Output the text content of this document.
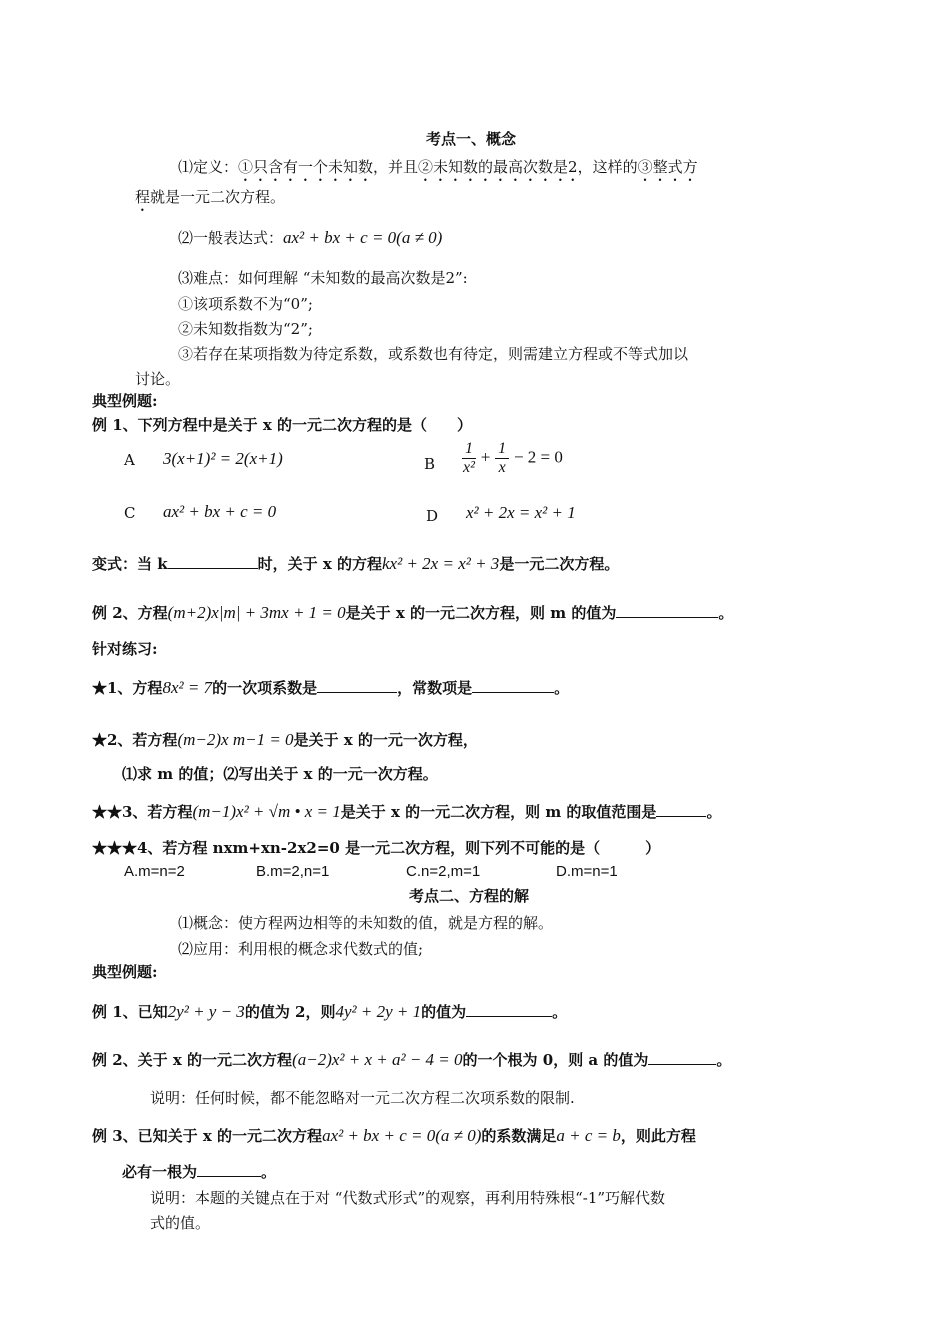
考点一、概念
⑴定义：①只含有一个未知数，并且②未知数的最高次数是2，这样的③整式方
程就是一元二次方程。
⑵一般表达式：ax² + bx + c = 0(a ≠ 0)
⑶难点：如何理解 “未知数的最高次数是2”:
①该项系数不为“0”;
②未知数指数为“2”;
③若存在某项指数为待定系数，或系数也有待定，则需建立方程或不等式加以
讨论。
典型例题:
例 1、下列方程中是关于 x 的一元二次方程的是（　　）
A 3(x+1)² = 2(x+1)	B $\frac{1}{\text{x²}} + \frac{1}{x} - 2 = 0$
C ax² + bx + c = 0	D x² + 2x = x² + 1
变式：当 k	时，关于 x 的方程kx² + 2x = x² + 3是一元二次方程。
例 2、方程(m+2)x|m| + 3mx + 1 = 0是关于 x 的一元二次方程，则 m 的值为	。
针对练习:
★1、方程8x² = 7的一次项系数是	，常数项是	。
★2、若方程(m−2)x m−1 = 0是关于 x 的一元一次方程，
⑴求 m 的值；⑵写出关于 x 的一元一次方程。
★★3、若方程(m−1)x² + √m • x = 1是关于 x 的一元二次方程，则 m 的取值范围是	。
★★★4、若方程 nxm+xn-2x2=0 是一元二次方程，则下列不可能的是（　　　）
A.m=n=2	B.m=2,n=1	C.n=2,m=1	D.m=n=1
考点二、方程的解
⑴概念：使方程两边相等的未知数的值，就是方程的解。
⑵应用：利用根的概念求代数式的值;
典型例题:
例 1、已知2y² + y − 3的值为 2，则4y² + 2y + 1的值为	。
例 2、关于 x 的一元二次方程(a−2)x² + x + a² − 4 = 0的一个根为 0，则 a 的值为	。
说明：任何时候，都不能忽略对一元二次方程二次项系数的限制.
例 3、已知关于 x 的一元二次方程ax² + bx + c = 0(a ≠ 0)的系数满足a + c = b，则此方程
必有一根为	。
说明：本题的关键点在于对 “代数式形式”的观察，再利用特殊根“-1”巧解代数
式的值。
